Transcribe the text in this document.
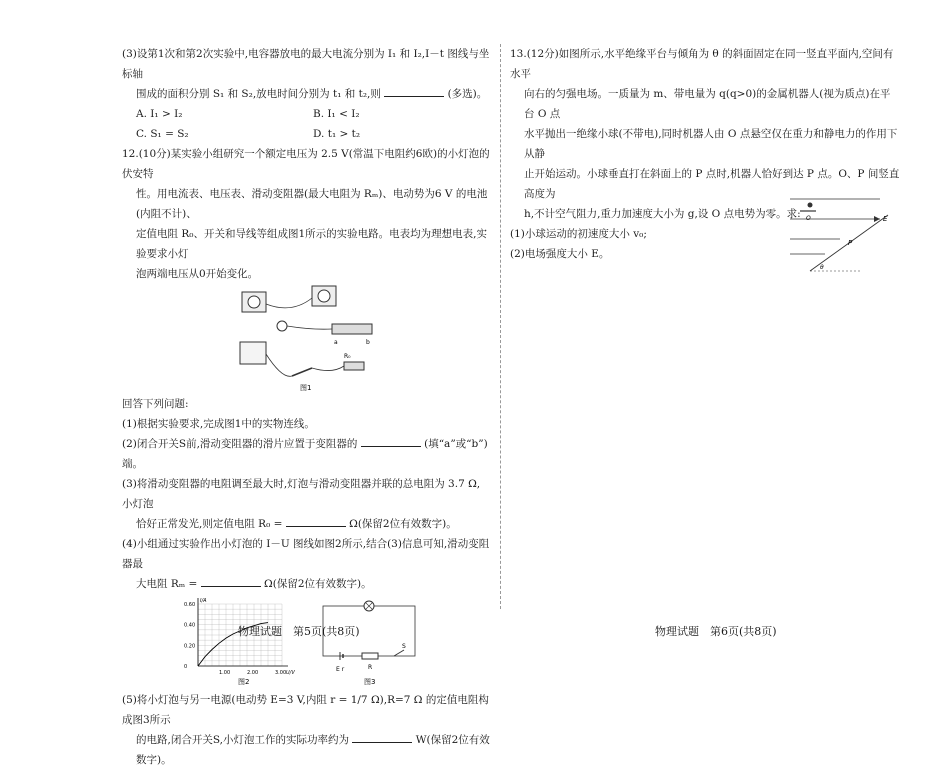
(3)设第1次和第2次实验中,电容器放电的最大电流分别为 I₁ 和 I₂,I－t 图线与坐标轴

围成的面积分别 S₁ 和 S₂,放电时间分别为 t₁ 和 t₂,则	(多选)。

A. I₁ > I₂	B. I₁ < I₂
C. S₁ = S₂	D. t₁ > t₂

12.(10分)某实验小组研究一个额定电压为 2.5 V(常温下电阻约6欧)的小灯泡的伏安特

性。用电流表、电压表、滑动变阻器(最大电阻为 Rₘ)、电动势为6 V 的电池(内阻不计)、

定值电阻 R₀、开关和导线等组成图1所示的实验电路。电表均为理想电表,实验要求小灯

泡两端电压从0开始变化。

a	b
R₀
图1

回答下列问题:

(1)根据实验要求,完成图1中的实物连线。

(2)闭合开关S前,滑动变阻器的滑片应置于变阻器的	(填“a”或“b”)端。

(3)将滑动变阻器的电阻调至最大时,灯泡与滑动变阻器并联的总电阻为 3.7 Ω,小灯泡

恰好正常发光,则定值电阻 R₀ =	Ω(保留2位有效数字)。

(4)小组通过实验作出小灯泡的 I－U 图线如图2所示,结合(3)信息可知,滑动变阻器最

大电阻 Rₘ =	Ω(保留2位有效数字)。

1.00	2.00	3.00
0
0.20
0.40
0.60
U/V
I/A
图2
E r	R
S
图3

(5)将小灯泡与另一电源(电动势 E=3 V,内阻 r = 1/7 Ω),R=7 Ω 的定值电阻构成图3所示

的电路,闭合开关S,小灯泡工作的实际功率约为	W(保留2位有效数字)。

13.(12分)如图所示,水平绝缘平台与倾角为 θ 的斜面固定在同一竖直平面内,空间有水平

向右的匀强电场。一质量为 m、带电量为 q(q>0)的金属机器人(视为质点)在平台 O 点

水平抛出一绝缘小球(不带电),同时机器人由 O 点悬空仅在重力和静电力的作用下从静

止开始运动。小球垂直打在斜面上的 P 点时,机器人恰好到达 P 点。O、P 间竖直高度为

h,不计空气阻力,重力加速度大小为 g,设 O 点电势为零。求:

(1)小球运动的初速度大小 v₀;

(2)电场强度大小 E。

O	E
P
θ
物理试题　第5页(共8页)	物理试题　第6页(共8页)
